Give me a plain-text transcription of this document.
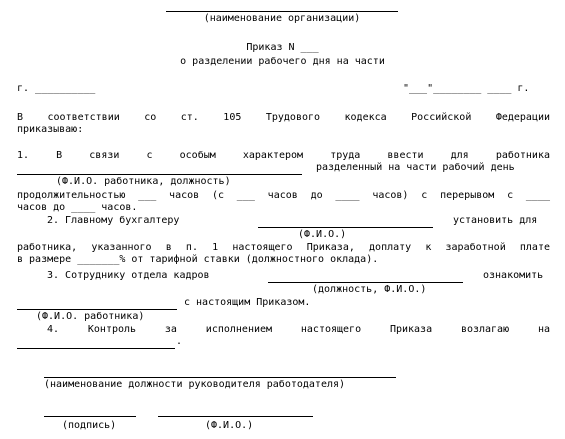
(наименование организации)
Приказ N ___
о разделении рабочего дня на части
г. __________	"___"________ ____ г.
В соответствии со ст. 105 Трудового кодекса Российской Федерации
приказываю:
1. В связи с особым характером труда ввести для работника
разделенный на части рабочий день
(Ф.И.О. работника, должность)
продолжительностью ___ часов (с ___ часов до ____ часов) с перерывом с ____
часов до ____ часов.
2. Главному бухгалтеру	установить для
(Ф.И.О.)
работника, указанного в п. 1 настоящего Приказа, доплату к заработной плате
в размере _______% от тарифной ставки (должностного оклада).
3. Сотруднику отдела кадров	ознакомить
(должность, Ф.И.О.)
с настоящим Приказом.
(Ф.И.О. работника)
4. Контроль за исполнением настоящего Приказа возлагаю на
.
(наименование должности руководителя работодателя)
(подпись)	(Ф.И.О.)
